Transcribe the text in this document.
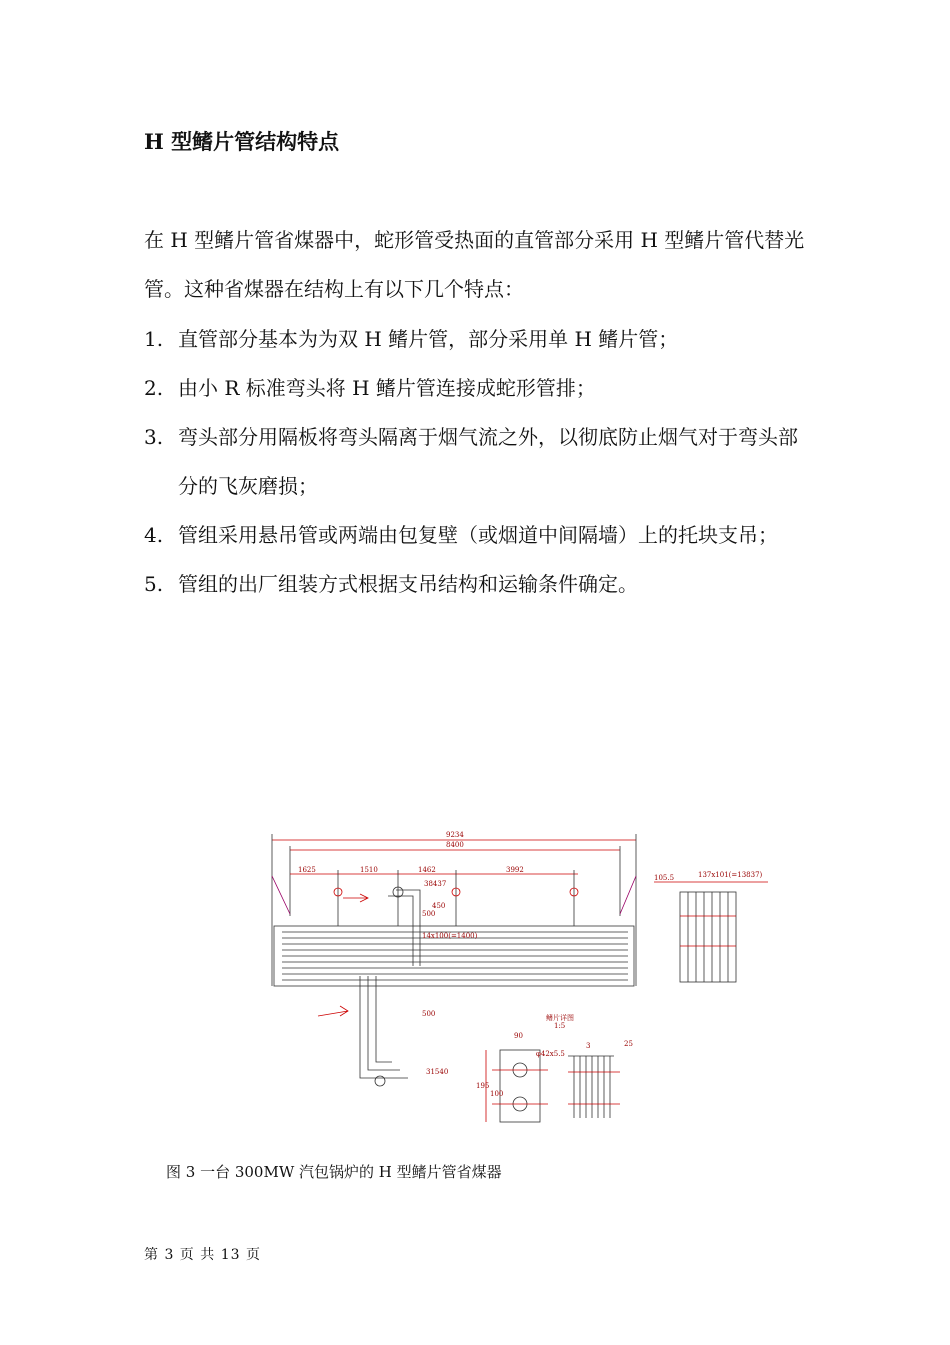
H 型鳍片管结构特点
在 H 型鳍片管省煤器中，蛇形管受热面的直管部分采用 H 型鳍片管代替光管。这种省煤器在结构上有以下几个特点：
1. 直管部分基本为为双 H 鳍片管，部分采用单 H 鳍片管；
2. 由小 R 标准弯头将 H 鳍片管连接成蛇形管排；
3. 弯头部分用隔板将弯头隔离于烟气流之外，以彻底防止烟气对于弯头部分的飞灰磨损；
4. 管组采用悬吊管或两端由包复壁（或烟道中间隔墙）上的托块支吊；
5. 管组的出厂组装方式根据支吊结构和运输条件确定。
9234
8400
1625	1510	1462	3992
105.5	137x101(=13837)
38437
500
450
14x100(=1400)
500
31540
鳍片详图
1:5
90
φ42x5.5
195
100
3	25
图 3 一台 300MW 汽包锅炉的 H 型鳍片管省煤器
第 3 页 共 13 页
